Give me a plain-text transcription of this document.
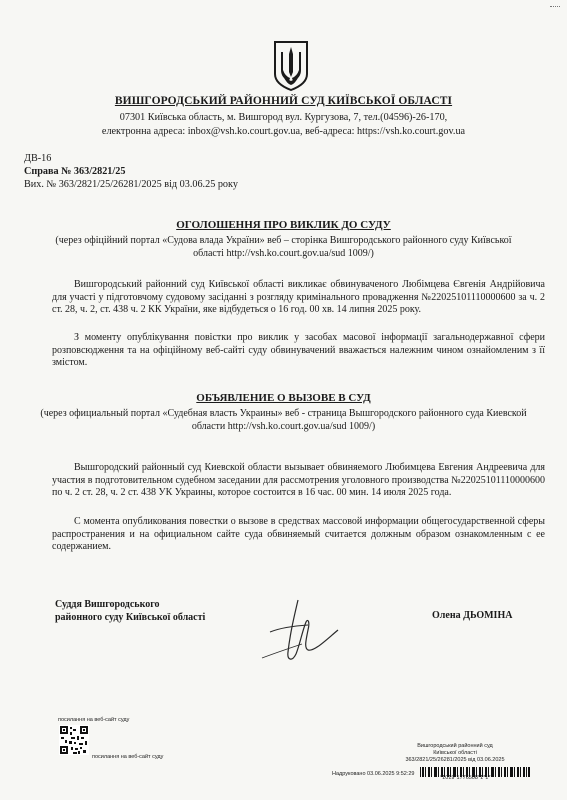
ВИШГОРОДСЬКИЙ РАЙОННИЙ СУД КИЇВСЬКОЇ ОБЛАСТІ
07301 Київська область, м. Вишгород вул. Кургузова, 7, тел.(04596)-26-170,
електронна адреса: inbox@vsh.ko.court.gov.ua, веб-адреса: https://vsh.ko.court.gov.ua
ДВ-16
Справа № 363/2821/25
Вих. № 363/2821/25/26281/2025 від 03.06.25 року
ОГОЛОШЕННЯ ПРО ВИКЛИК ДО СУДУ
(через офіційний портал «Судова влада України» веб – сторінка Вишгородського районного суду Київської області http://vsh.ko.court.gov.ua/sud 1009/)
Вишгородський районний суд Київської області викликає обвинуваченого Любімцева Євгенія Андрійовича для участі у підготовчому судовому засіданні з розгляду кримінального провадження №22025101110000600 за ч. 2 ст. 28, ч. 2, ст. 438 ч. 2 КК України, яке відбудеться о 16 год. 00 хв. 14 липня 2025 року.
З моменту опублікування повістки про виклик у засобах масової інформації загальнодержавної сфери розповсюдження та на офіційному веб-сайті суду обвинувачений вважається належним чином ознайомленим з її змістом.
ОБЪЯВЛЕНИЕ О ВЫЗОВЕ В СУД
(через официальный портал «Судебная власть Украины» веб - страница Вышгородского районного суда Киевской области http://vsh.ko.court.gov.ua/sud 1009/)
Вышгородский районный суд Киевской области вызывает обвиняемого Любимцева Евгения Андреевича для участия в подготовительном судебном заседании для рассмотрения уголовного производства №22025101110000600 по ч. 2 ст. 28, ч. 2 ст. 438 УК Украины, которое состоится в 16 час. 00 мин. 14 июля 2025 года.
С момента опубликования повестки о вызове в средствах массовой информации общегосударственной сферы распространения и на официальном сайте суда обвиняемый считается должным образом ознакомленным с ее содержанием.
Суддя Вишгородського
районного суду Київської області	Олена ДЬОМІНА
посилання на веб-сайт суду
посилання на веб-сайт суду
Вишгородський районний суд
Київської області
363/2821/25/26281/2025 від 03.06.2025
Надруковано 03.06.2025 9:52:29
*1019*1776508*1*1*
